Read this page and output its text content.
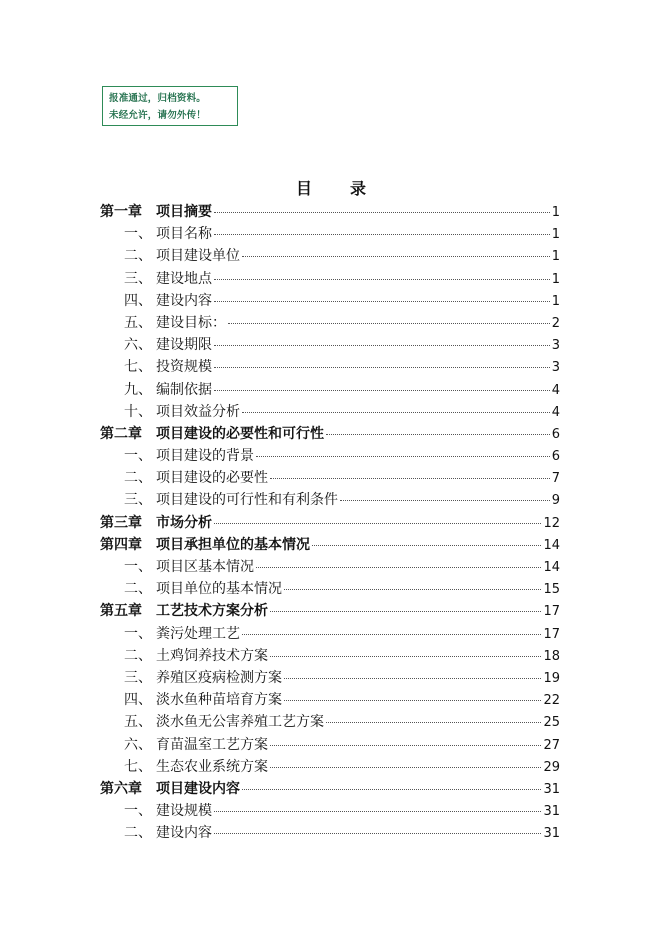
报准通过，归档资料。
未经允许，请勿外传！
目录
第一章 项目摘要	1
一、 项目名称	1
二、 项目建设单位	1
三、 建设地点	1
四、 建设内容	1
五、 建设目标：	2
六、 建设期限	3
七、 投资规模	3
九、 编制依据	4
十、 项目效益分析	4
第二章 项目建设的必要性和可行性	6
一、 项目建设的背景	6
二、 项目建设的必要性	7
三、 项目建设的可行性和有利条件	9
第三章 市场分析	12
第四章 项目承担单位的基本情况	14
一、 项目区基本情况	14
二、 项目单位的基本情况	15
第五章 工艺技术方案分析	17
一、 粪污处理工艺	17
二、 土鸡饲养技术方案	18
三、 养殖区疫病检测方案	19
四、 淡水鱼种苗培育方案	22
五、 淡水鱼无公害养殖工艺方案	25
六、 育苗温室工艺方案	27
七、 生态农业系统方案	29
第六章 项目建设内容	31
一、 建设规模	31
二、 建设内容	31
